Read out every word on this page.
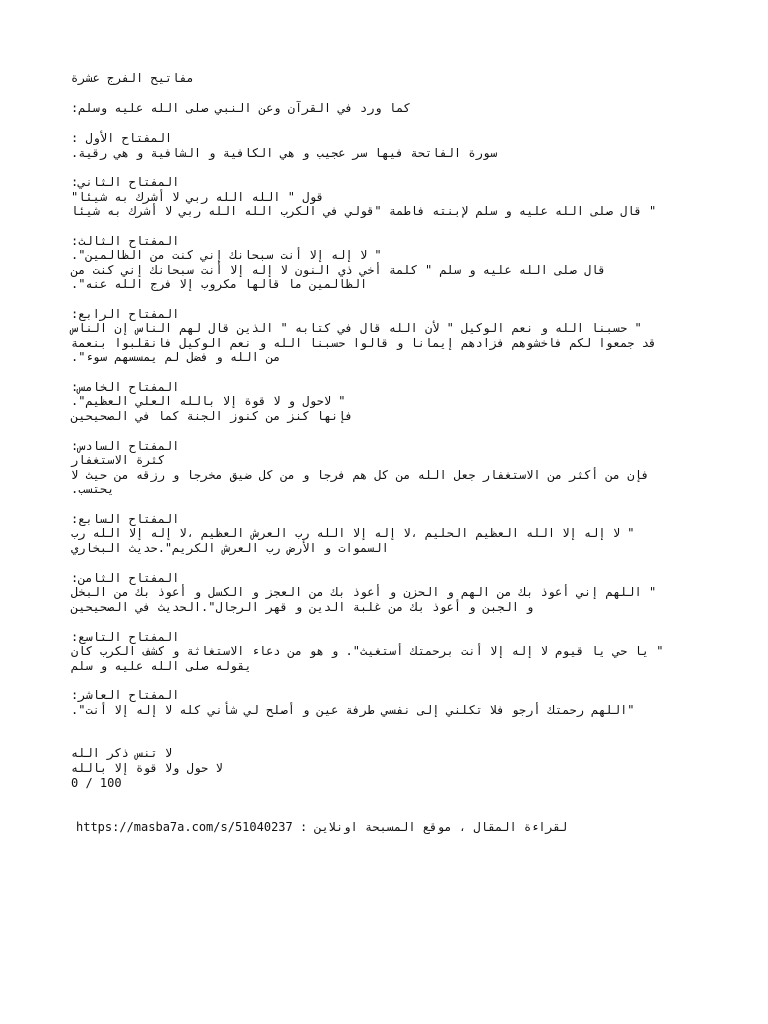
مفاتيح الفرج عشرة
كما ورد في القرآن وعن النبي صلى الله عليه وسلم:
المفتاح الأول :
سورة الفاتحة فيها سر عجيب و هي الكافية و الشافية و هي رقية.
المفتاح الثاني:
قول " الله الله ربي لا أشرك به شيئا"
" قال صلى الله عليه و سلم لإبنته فاطمة "قولي في الكرب الله الله ربي لا أشرك به شيئا
المفتاح الثالث:
" لا إله إلا أنت سبحانك إني كنت من الظالمين".
قال صلى الله عليه و سلم " كلمة أخي ذي النون لا إله إلا أنت سبحانك إني كنت من
الظالمين ما قالها مكروب إلا فرج الله عنه".
المفتاح الرابع:
" حسبنا الله و نعم الوكيل " لأن الله قال في كتابه " الذين قال لهم الناس إن الناس
قد جمعوا لكم فاخشوهم فزادهم إيمانا و قالوا حسبنا الله و نعم الوكيل فانقلبوا بنعمة
من الله و فضل لم يمسسهم سوء".
المفتاح الخامس:
" لاحول و لا قوة إلا بالله العلي العظيم".
فإنها كنز من كنوز الجنة كما في الصحيحين
المفتاح السادس:
كثرة الاستغفار
فإن من أكثر من الاستغفار جعل الله من كل هم فرجا و من كل ضيق مخرجا و رزقه من حيث لا
يحتسب.
المفتاح السابع:
" لا إله إلا الله العظيم الحليم ،لا إله إلا الله رب العرش العظيم ،لا إله إلا الله رب
السموات و الأرض رب العرش الكريم".حديث البخاري
المفتاح الثامن:
" اللهم إني أعوذ بك من الهم و الحزن و أعوذ بك من العجز و الكسل و أعوذ بك من البخل
و الجبن و أعوذ بك من غلبة الدين و قهر الرجال".الحديث في الصحيحين
المفتاح التاسع:
" يا حي يا قيوم لا إله إلا أنت برحمتك أستغيث". و هو من دعاء الاستغاثة و كشف الكرب كان
يقوله صلى الله عليه و سلم
المفتاح العاشر:
"اللهم رحمتك أرجو فلا تكلني إلى نفسي طرفة عين و أصلح لي شأني كله لا إله إلا أنت".
لا تنس ذكر الله
لا حول ولا قوة إلا بالله
0 / 100
لقراءة المقال ، موقع المسبحة اونلاين : https://masba7a.com/s/51040237
